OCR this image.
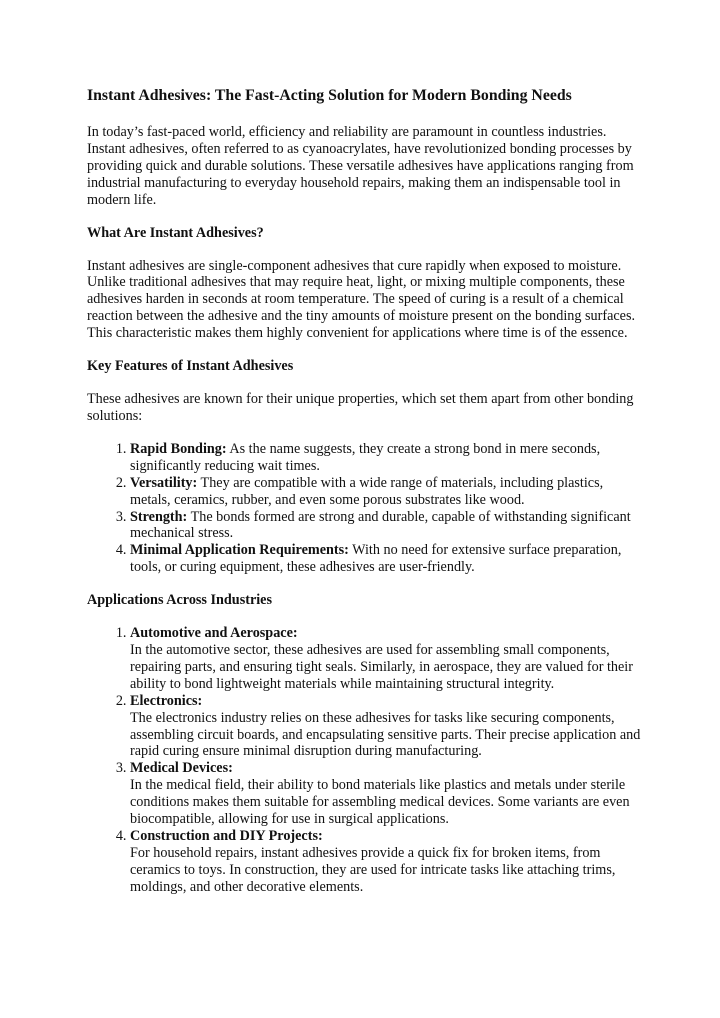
Instant Adhesives: The Fast-Acting Solution for Modern Bonding Needs

In today’s fast-paced world, efficiency and reliability are paramount in countless industries. Instant adhesives, often referred to as cyanoacrylates, have revolutionized bonding processes by providing quick and durable solutions. These versatile adhesives have applications ranging from industrial manufacturing to everyday household repairs, making them an indispensable tool in modern life.

What Are Instant Adhesives?

Instant adhesives are single-component adhesives that cure rapidly when exposed to moisture. Unlike traditional adhesives that may require heat, light, or mixing multiple components, these adhesives harden in seconds at room temperature. The speed of curing is a result of a chemical reaction between the adhesive and the tiny amounts of moisture present on the bonding surfaces. This characteristic makes them highly convenient for applications where time is of the essence.

Key Features of Instant Adhesives

These adhesives are known for their unique properties, which set them apart from other bonding solutions:

1. Rapid Bonding: As the name suggests, they create a strong bond in mere seconds, significantly reducing wait times.
2. Versatility: They are compatible with a wide range of materials, including plastics, metals, ceramics, rubber, and even some porous substrates like wood.
3. Strength: The bonds formed are strong and durable, capable of withstanding significant mechanical stress.
4. Minimal Application Requirements: With no need for extensive surface preparation, tools, or curing equipment, these adhesives are user-friendly.
Applications Across Industries
1. Automotive and Aerospace:
In the automotive sector, these adhesives are used for assembling small components, repairing parts, and ensuring tight seals. Similarly, in aerospace, they are valued for their ability to bond lightweight materials while maintaining structural integrity.
2. Electronics:
The electronics industry relies on these adhesives for tasks like securing components, assembling circuit boards, and encapsulating sensitive parts. Their precise application and rapid curing ensure minimal disruption during manufacturing.
3. Medical Devices:
In the medical field, their ability to bond materials like plastics and metals under sterile conditions makes them suitable for assembling medical devices. Some variants are even biocompatible, allowing for use in surgical applications.
4. Construction and DIY Projects:
For household repairs, instant adhesives provide a quick fix for broken items, from ceramics to toys. In construction, they are used for intricate tasks like attaching trims, moldings, and other decorative elements.
